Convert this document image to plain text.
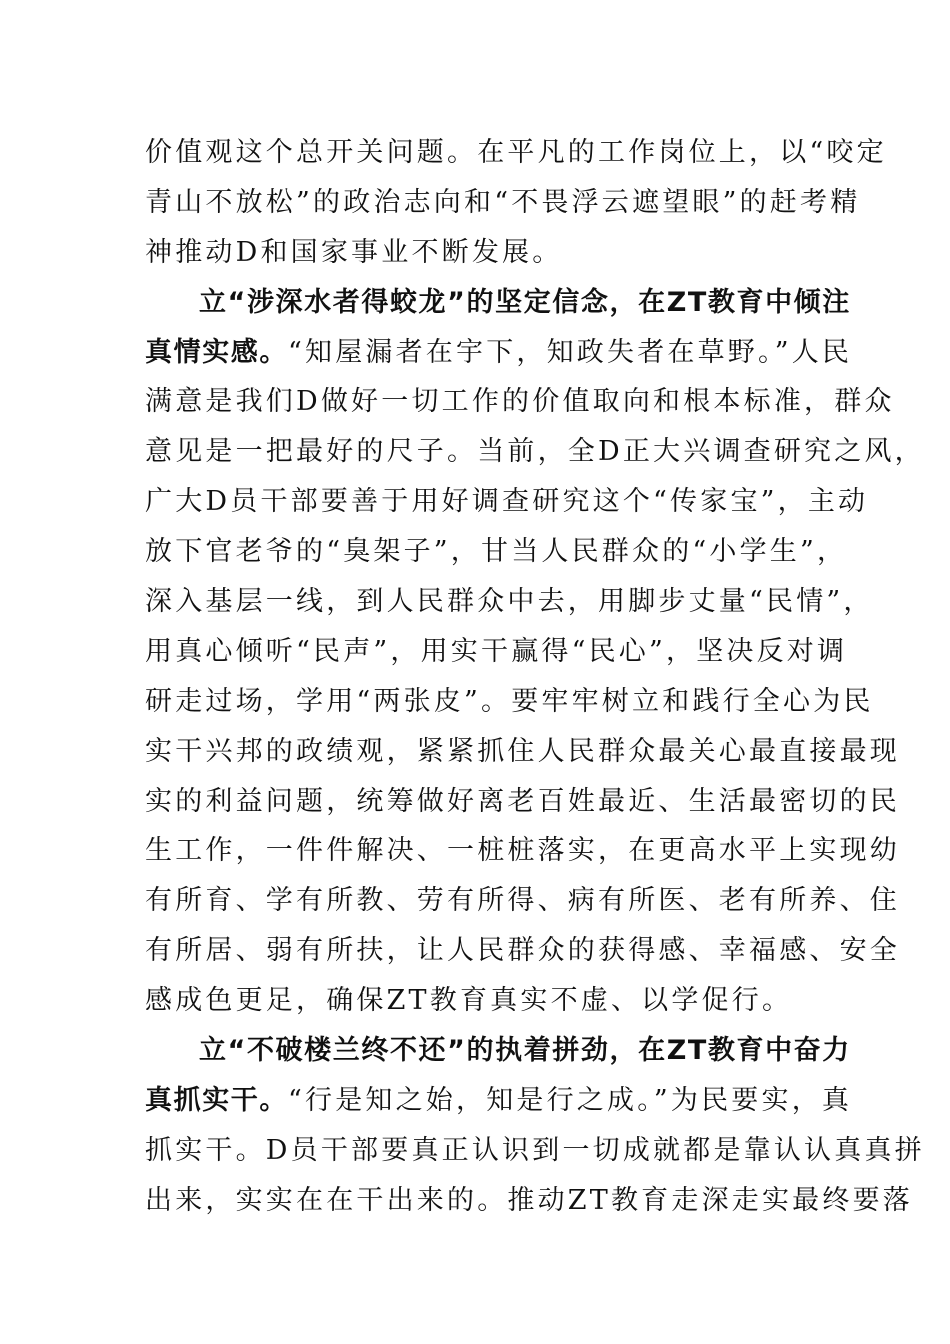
价值观这个总开关问题。在平凡的工作岗位上，以“咬定
青山不放松”的政治志向和“不畏浮云遮望眼”的赶考精
神推动D和国家事业不断发展。
立“涉深水者得蛟龙”的坚定信念，在ZT教育中倾注
真情实感。“知屋漏者在宇下，知政失者在草野。”人民
满意是我们D做好一切工作的价值取向和根本标准，群众
意见是一把最好的尺子。当前，全D正大兴调查研究之风，
广大D员干部要善于用好调查研究这个“传家宝”，主动
放下官老爷的“臭架子”，甘当人民群众的“小学生”，
深入基层一线，到人民群众中去，用脚步丈量“民情”，
用真心倾听“民声”，用实干赢得“民心”，坚决反对调
研走过场，学用“两张皮”。要牢牢树立和践行全心为民
实干兴邦的政绩观，紧紧抓住人民群众最关心最直接最现
实的利益问题，统筹做好离老百姓最近、生活最密切的民
生工作，一件件解决、一桩桩落实，在更高水平上实现幼
有所育、学有所教、劳有所得、病有所医、老有所养、住
有所居、弱有所扶，让人民群众的获得感、幸福感、安全
感成色更足，确保ZT教育真实不虚、以学促行。
立“不破楼兰终不还”的执着拼劲，在ZT教育中奋力
真抓实干。“行是知之始，知是行之成。”为民要实，真
抓实干。D员干部要真正认识到一切成就都是靠认认真真拼
出来，实实在在干出来的。推动ZT教育走深走实最终要落
